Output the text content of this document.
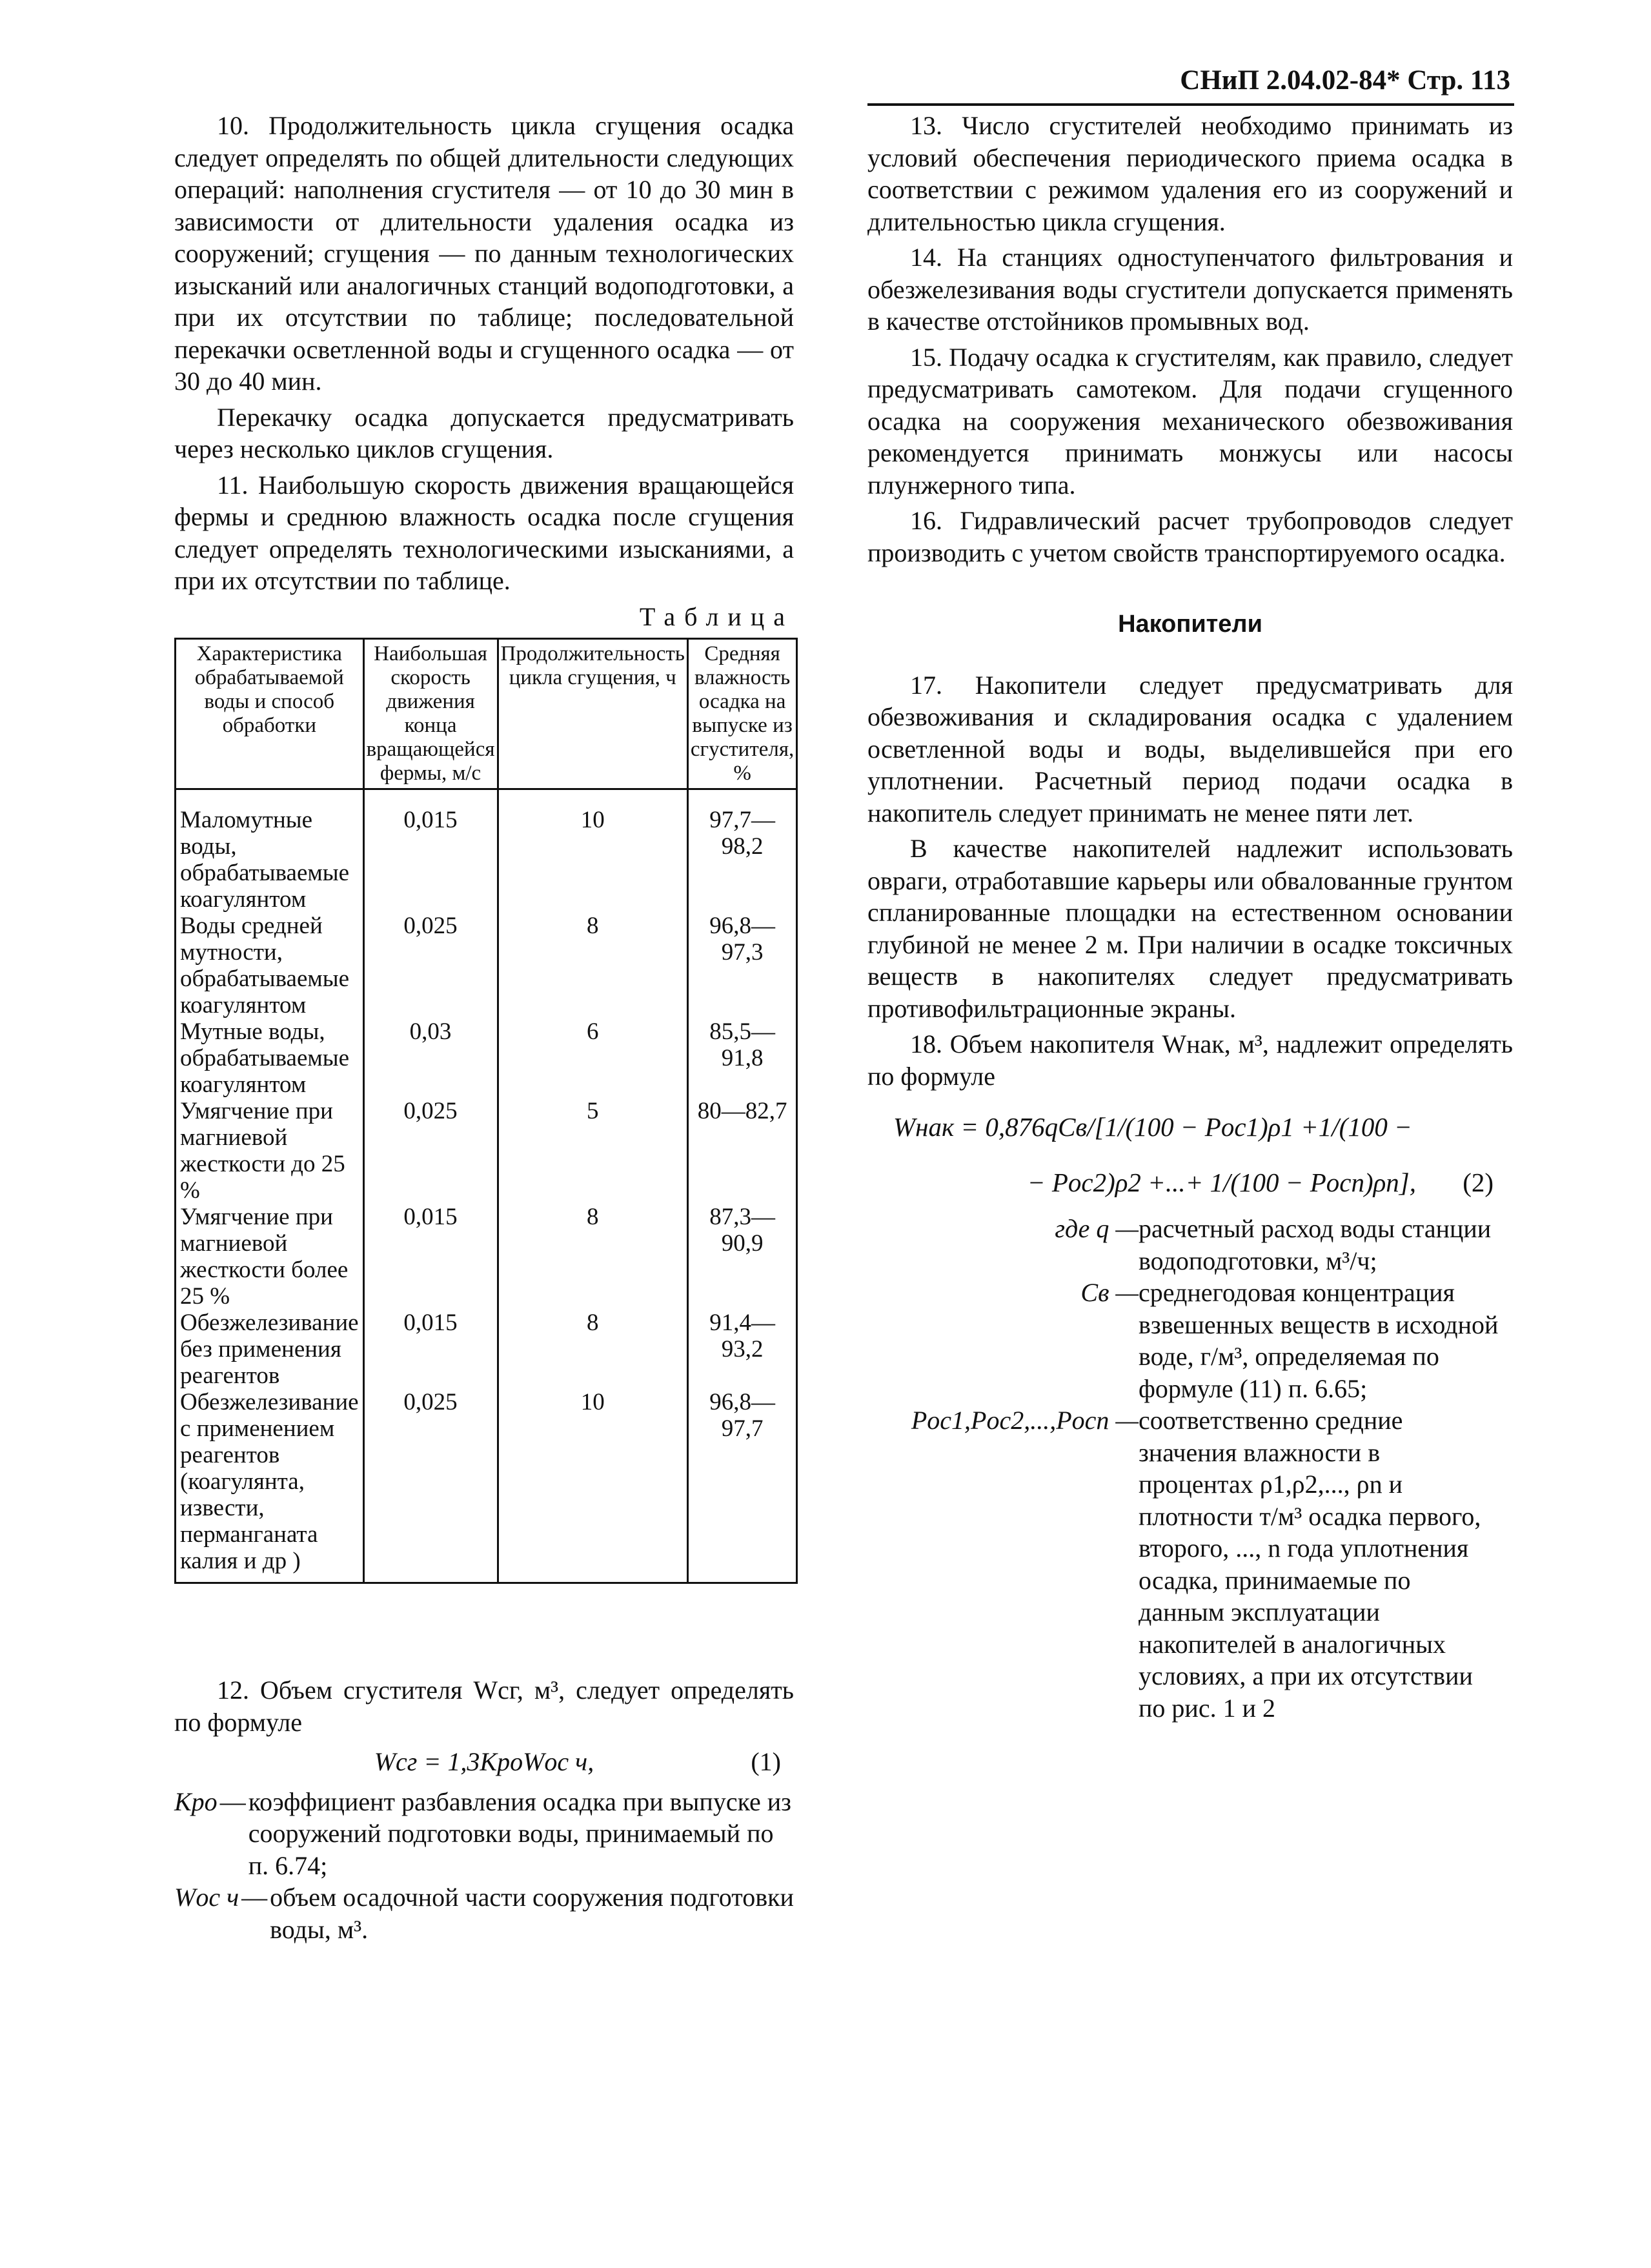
СНиП 2.04.02-84* Стр. 113

10. Продолжительность цикла сгущения осадка следует определять по общей длительности следующих операций: наполнения сгустителя — от 10 до 30 мин в зависимости от длительности удаления осадка из сооружений; сгущения — по данным технологических изысканий или аналогичных станций водоподготовки, а при их отсутствии по таблице; последовательной перекачки осветленной воды и сгущенного осадка — от 30 до 40 мин.

Перекачку осадка допускается предусматривать через несколько циклов сгущения.

11. Наибольшую скорость движения вращающейся фермы и среднюю влажность осадка после сгущения следует определять технологическими изысканиями, а при их отсутствии по таблице.

Таблица
Характеристика обрабатываемой воды и способ обработки	Наибольшая скорость движения конца вращающейся фермы, м/с	Продолжительность цикла сгущения, ч	Средняя влажность осадка на выпуске из сгустителя, %
Маломутные воды, обрабатываемые коагулянтом	0,015	10	97,7—98,2
Воды средней мутности, обрабатываемые коагулянтом	0,025	8	96,8—97,3
Мутные воды, обрабатываемые коагулянтом	0,03	6	85,5—91,8
Умягчение при магниевой жесткости до 25 %	0,025	5	80—82,7
Умягчение при магниевой жесткости более 25 %	0,015	8	87,3—90,9
Обезжелезивание без применения реагентов	0,015	8	91,4—93,2
Обезжелезивание с применением реагентов (коагулянта, извести, перманганата калия и др )	0,025	10	96,8—97,7

12. Объем сгустителя Wсг, м³, следует определять по формуле

Wсг = 1,3KроWос ч,	(1)
Kро — коэффициент разбавления осадка при выпуске из сооружений подготовки воды, принимаемый по п. 6.74;
Wос ч — объем осадочной части сооружения подготовки воды, м³.

13. Число сгустителей необходимо принимать из условий обеспечения периодического приема осадка в соответствии с режимом удаления его из сооружений и длительностью цикла сгущения.

14. На станциях одноступенчатого фильтрования и обезжелезивания воды сгустители допускается применять в качестве отстойников промывных вод.

15. Подачу осадка к сгустителям, как правило, следует предусматривать самотеком. Для подачи сгущенного осадка на сооружения механического обезвоживания рекомендуется принимать монжусы или насосы плунжерного типа.

16. Гидравлический расчет трубопроводов следует производить с учетом свойств транспортируемого осадка.

Накопители

17. Накопители следует предусматривать для обезвоживания и складирования осадка с удалением осветленной воды и воды, выделившейся при его уплотнении. Расчетный период подачи осадка в накопитель следует принимать не менее пяти лет.

В качестве накопителей надлежит использовать овраги, отработавшие карьеры или обвалованные грунтом спланированные площадки на естественном основании глубиной не менее 2 м. При наличии в осадке токсичных веществ в накопителях следует предусматривать противофильтрационные экраны.

18. Объем накопителя Wнак, м³, надлежит определять по формуле

Wнак = 0,876qCв/[1/(100 − Pос1)ρ1 +1/(100 −
− Pос2)ρ2 +...+ 1/(100 − Pосn)ρn], (2)
где q — расчетный расход воды станции водоподготовки, м³/ч;
Cв — среднегодовая концентрация взвешенных веществ в исходной воде, г/м³, определяемая по формуле (11) п. 6.65;
Pос1,Pос2,...,Pосn — соответственно средние значения влажности в процентах ρ1,ρ2,..., ρn и плотности т/м³ осадка первого, второго, ..., n года уплотнения осадка, принимаемые по данным эксплуатации накопителей в аналогичных условиях, а при их отсутствии по рис. 1 и 2
